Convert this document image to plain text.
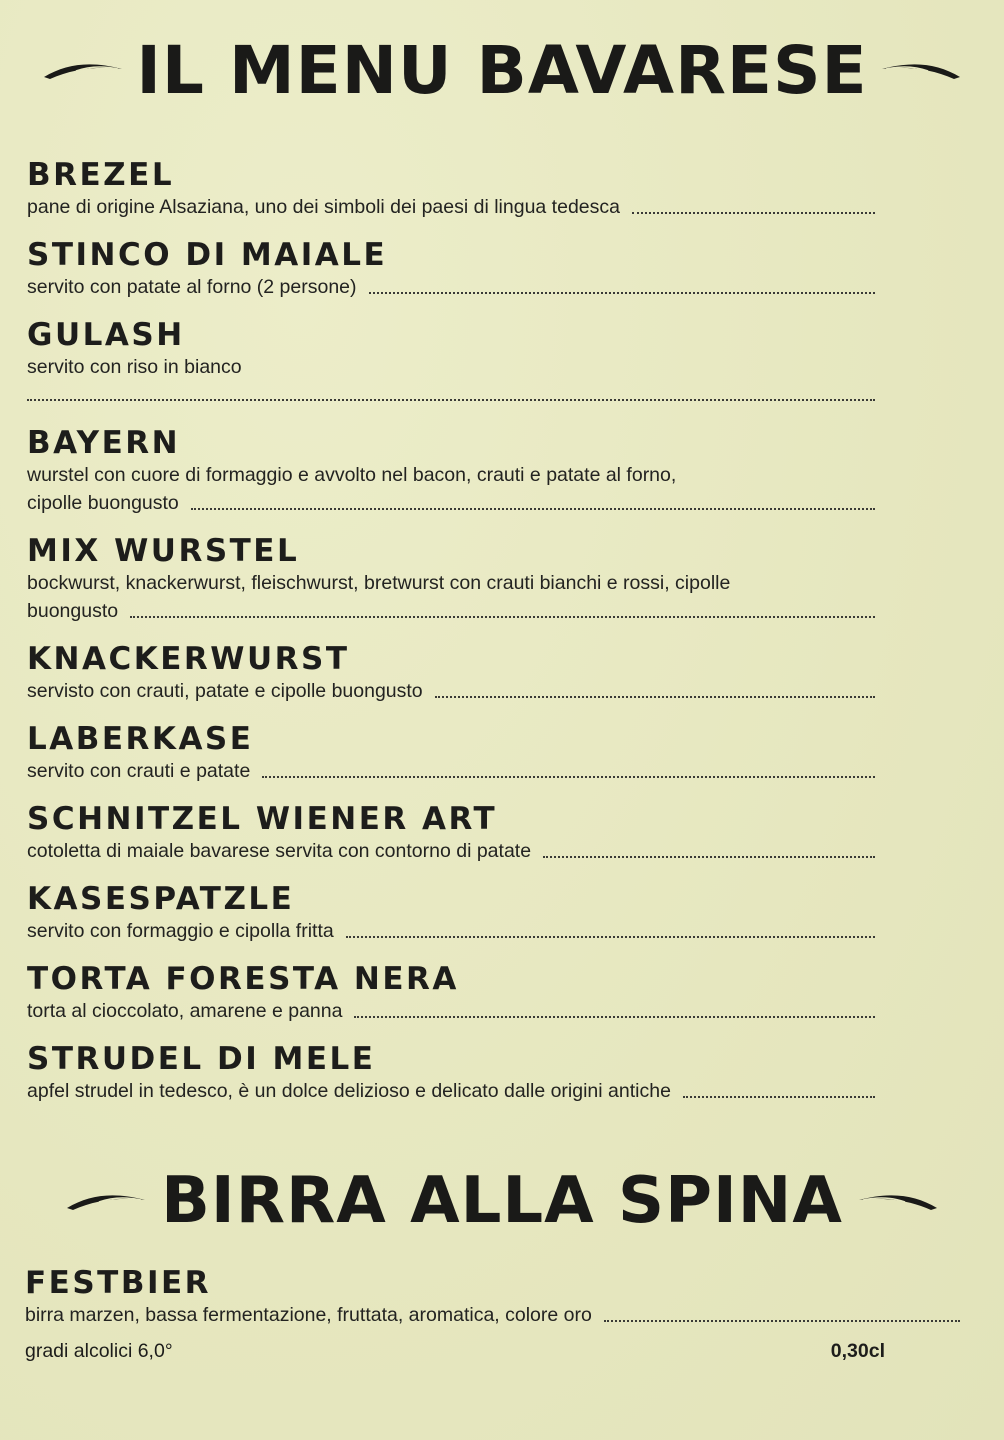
IL MENU BAVARESE
BREZEL
pane di origine Alsaziana, uno dei simboli dei paesi di lingua tedesca
STINCO DI MAIALE
servito con patate al forno (2 persone)
GULASH
servito con riso in bianco
BAYERN
wurstel con cuore di formaggio e avvolto nel bacon, crauti e patate al forno,
cipolle buongusto
MIX WURSTEL
bockwurst, knackerwurst, fleischwurst, bretwurst con crauti bianchi e rossi, cipolle
buongusto
KNACKERWURST
servisto con crauti, patate e cipolle buongusto
LABERKASE
servito con crauti e patate
SCHNITZEL WIENER ART
cotoletta di maiale bavarese servita con contorno di patate
KASESPATZLE
servito con formaggio e cipolla fritta
TORTA FORESTA NERA
torta al cioccolato, amarene e panna
STRUDEL DI MELE
apfel strudel in tedesco, è un dolce delizioso e delicato dalle origini antiche
BIRRA ALLA SPINA
FESTBIER
birra marzen, bassa fermentazione, fruttata, aromatica, colore oro
gradi alcolici 6,0°	0,30cl
